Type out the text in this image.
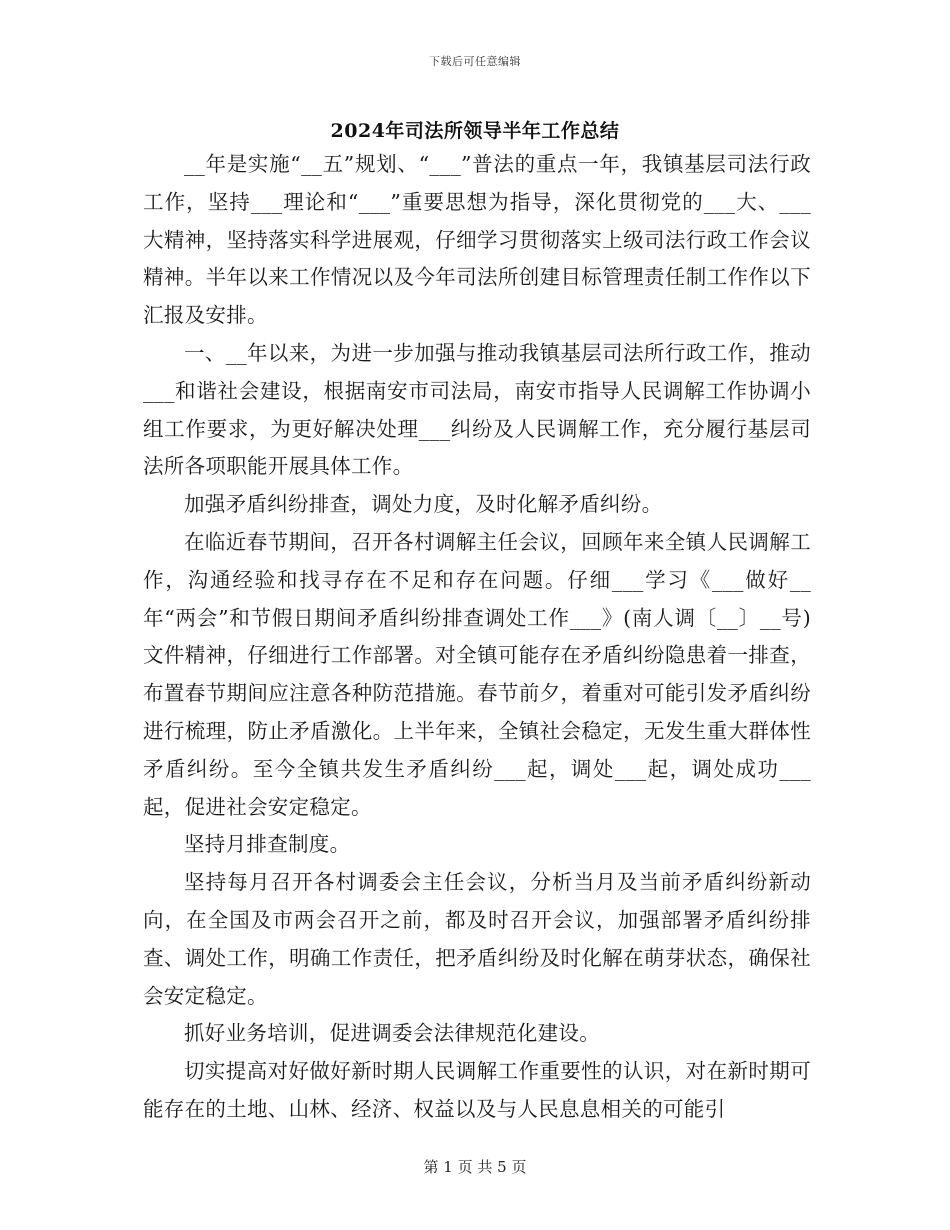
下载后可任意编辑
2024年司法所领导半年工作总结

__年是实施“__五”规划、“___”普法的重点一年，我镇基层司法行政工作，坚持___理论和“___”重要思想为指导，深化贯彻党的___大、___大精神，坚持落实科学进展观，仔细学习贯彻落实上级司法行政工作会议精神。半年以来工作情况以及今年司法所创建目标管理责任制工作作以下汇报及安排。

一、__年以来，为进一步加强与推动我镇基层司法所行政工作，推动___和谐社会建设，根据南安市司法局，南安市指导人民调解工作协调小组工作要求，为更好解决处理___纠纷及人民调解工作，充分履行基层司法所各项职能开展具体工作。

加强矛盾纠纷排查，调处力度，及时化解矛盾纠纷。

在临近春节期间，召开各村调解主任会议，回顾年来全镇人民调解工作，沟通经验和找寻存在不足和存在问题。仔细___学习《___做好__年“两会”和节假日期间矛盾纠纷排查调处工作___》(南人调〔__〕__号)文件精神，仔细进行工作部署。对全镇可能存在矛盾纠纷隐患着一排查，布置春节期间应注意各种防范措施。春节前夕，着重对可能引发矛盾纠纷进行梳理，防止矛盾激化。上半年来，全镇社会稳定，无发生重大群体性矛盾纠纷。至今全镇共发生矛盾纠纷___起，调处___起，调处成功___起，促进社会安定稳定。

坚持月排查制度。

坚持每月召开各村调委会主任会议，分析当月及当前矛盾纠纷新动向，在全国及市两会召开之前，都及时召开会议，加强部署矛盾纠纷排查、调处工作，明确工作责任，把矛盾纠纷及时化解在萌芽状态，确保社会安定稳定。

抓好业务培训，促进调委会法律规范化建设。

切实提高对好做好新时期人民调解工作重要性的认识，对在新时期可能存在的土地、山林、经济、权益以及与人民息息相关的可能引

第 1 页 共 5 页
